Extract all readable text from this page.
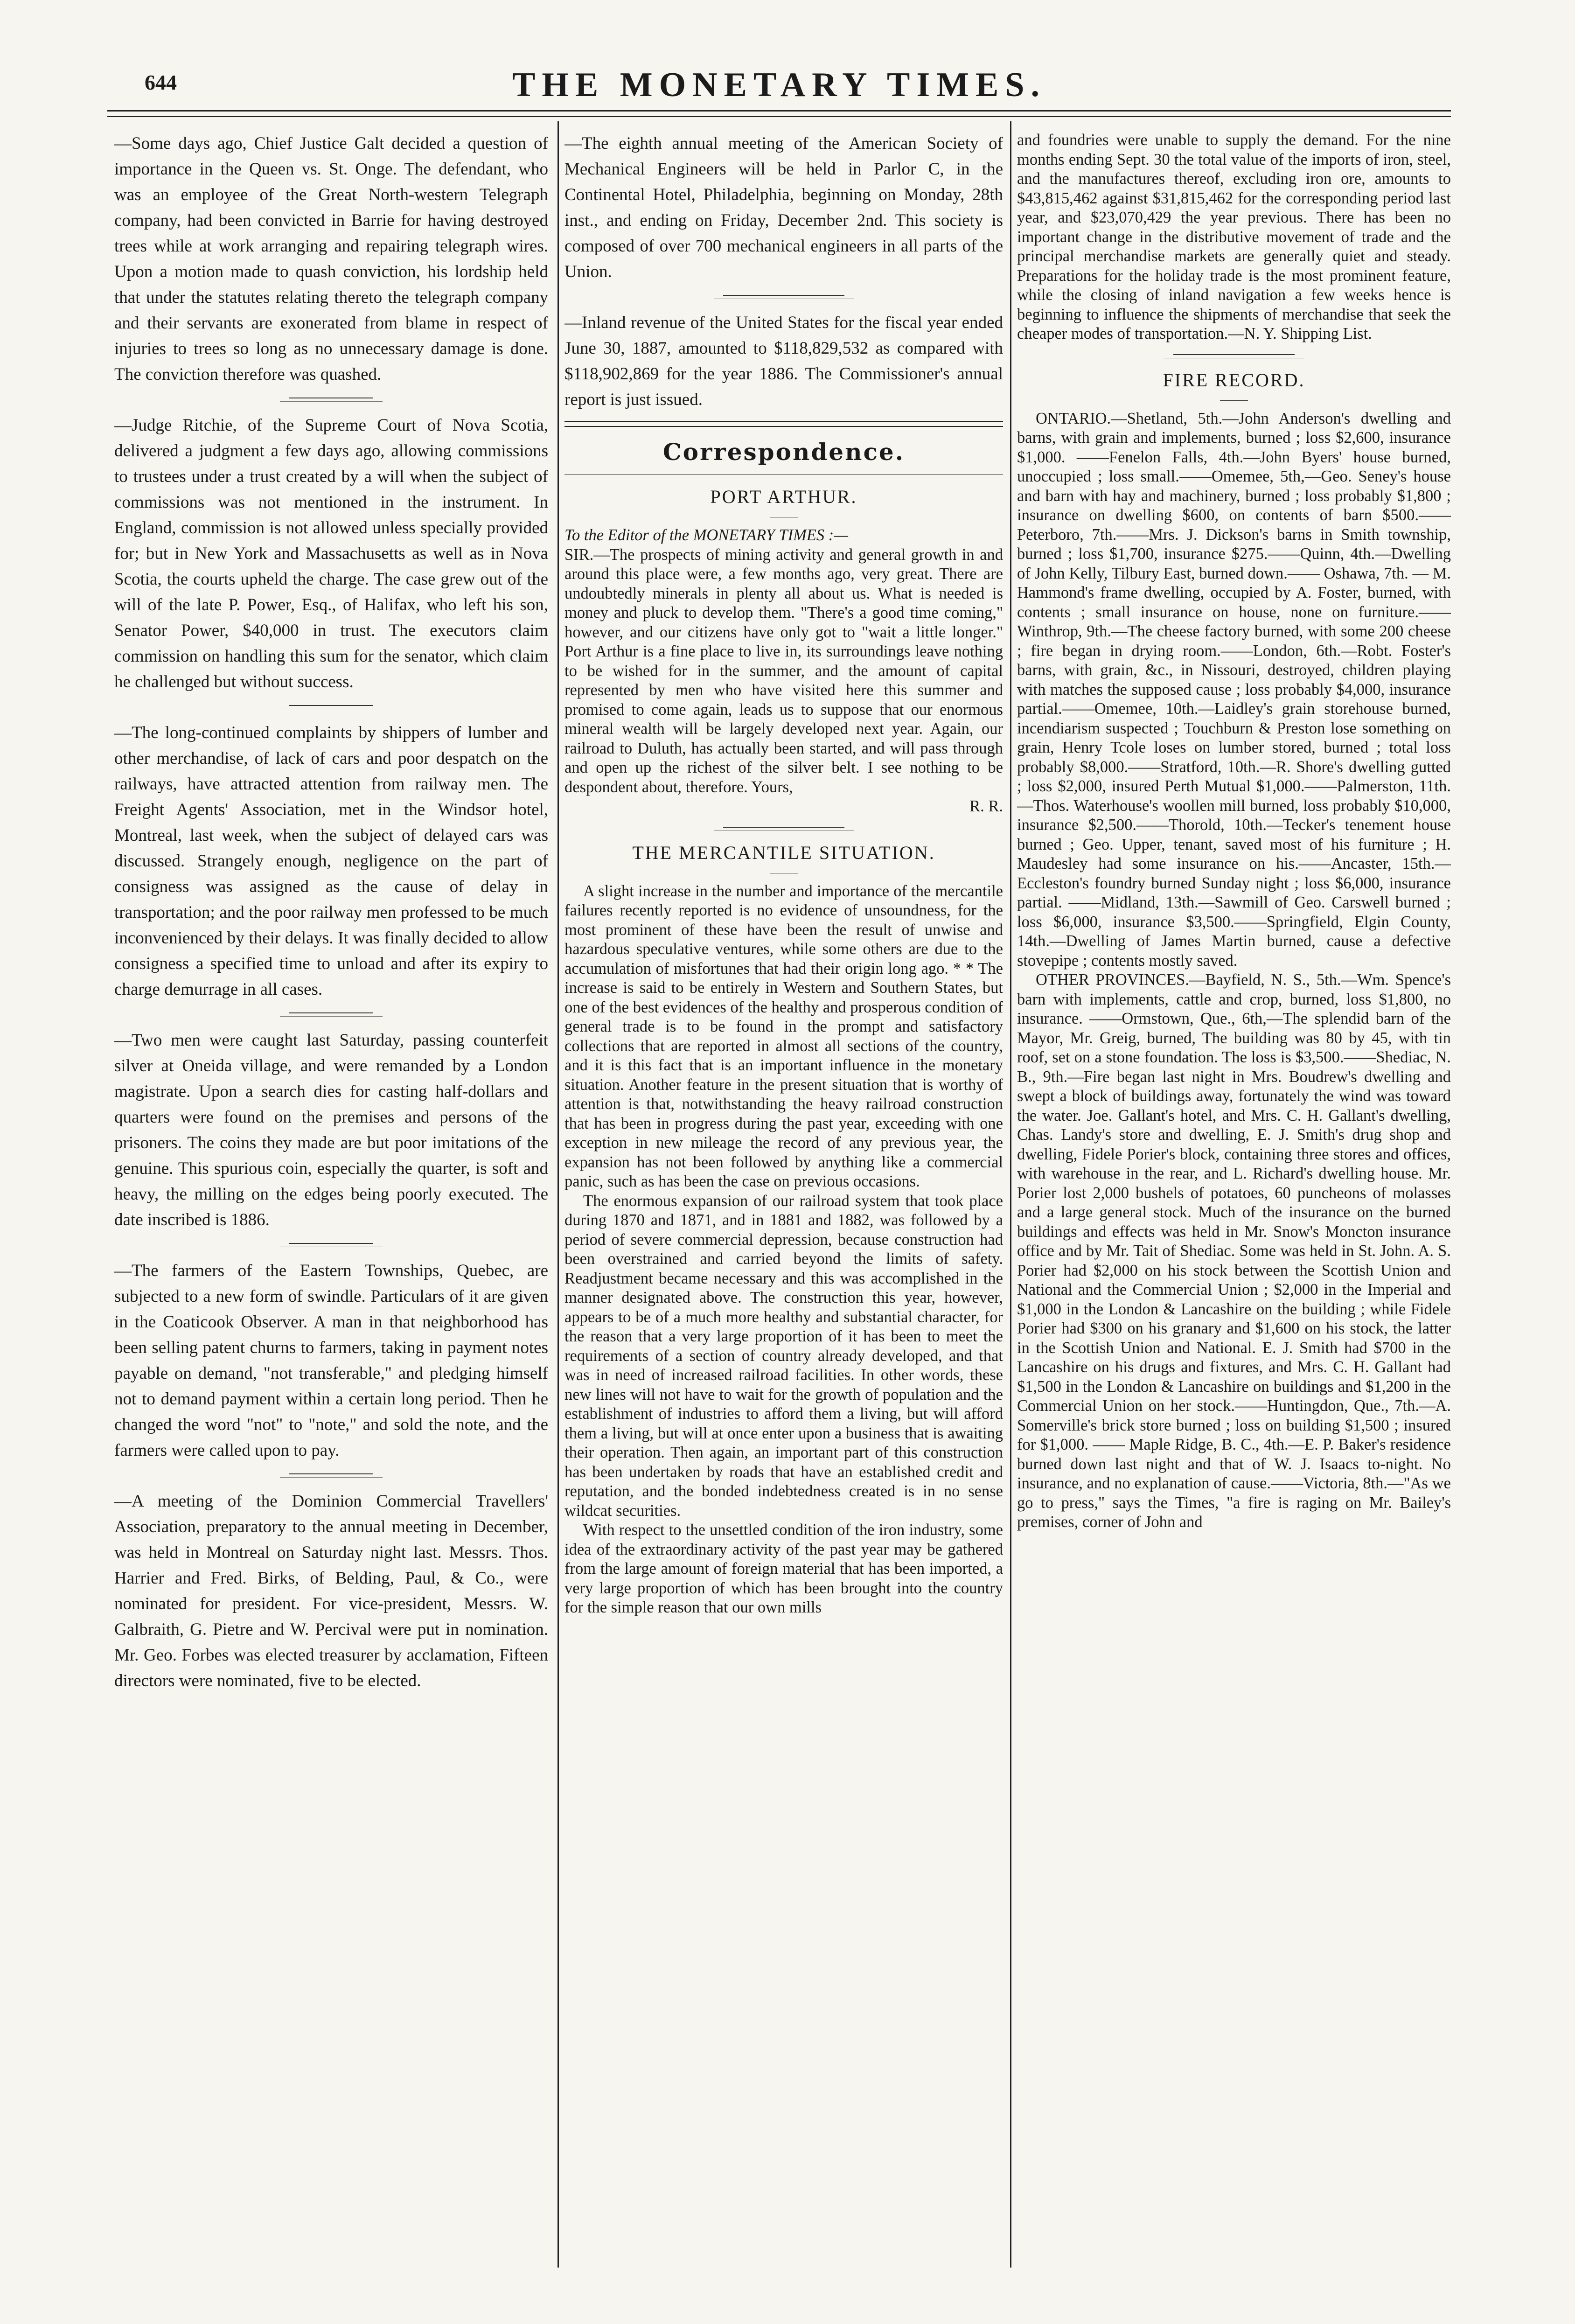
644	THE MONETARY TIMES.

—Some days ago, Chief Justice Galt decided a question of importance in the Queen vs. St. Onge. The defendant, who was an employee of the Great North-western Telegraph company, had been convicted in Barrie for having destroyed trees while at work arranging and repairing telegraph wires. Upon a motion made to quash conviction, his lordship held that under the statutes relating thereto the telegraph company and their servants are exonerated from blame in respect of injuries to trees so long as no unnecessary damage is done. The conviction therefore was quashed.

—Judge Ritchie, of the Supreme Court of Nova Scotia, delivered a judgment a few days ago, allowing commissions to trustees under a trust created by a will when the subject of commissions was not mentioned in the instrument. In England, commission is not allowed unless specially provided for; but in New York and Massachusetts as well as in Nova Scotia, the courts upheld the charge. The case grew out of the will of the late P. Power, Esq., of Halifax, who left his son, Senator Power, $40,000 in trust. The executors claim commission on handling this sum for the senator, which claim he challenged but without success.

—The long-continued complaints by shippers of lumber and other merchandise, of lack of cars and poor despatch on the railways, have attracted attention from railway men. The Freight Agents' Association, met in the Windsor hotel, Montreal, last week, when the subject of delayed cars was discussed. Strangely enough, negligence on the part of consigness was assigned as the cause of delay in transportation; and the poor railway men professed to be much inconvenienced by their delays. It was finally decided to allow consigness a specified time to unload and after its expiry to charge demurrage in all cases.

—Two men were caught last Saturday, passing counterfeit silver at Oneida village, and were remanded by a London magistrate. Upon a search dies for casting half-dollars and quarters were found on the premises and persons of the prisoners. The coins they made are but poor imitations of the genuine. This spurious coin, especially the quarter, is soft and heavy, the milling on the edges being poorly executed. The date inscribed is 1886.

—The farmers of the Eastern Townships, Quebec, are subjected to a new form of swindle. Particulars of it are given in the Coaticook Observer. A man in that neighborhood has been selling patent churns to farmers, taking in payment notes payable on demand, "not transferable," and pledging himself not to demand payment within a certain long period. Then he changed the word "not" to "note," and sold the note, and the farmers were called upon to pay.

—A meeting of the Dominion Commercial Travellers' Association, preparatory to the annual meeting in December, was held in Montreal on Saturday night last. Messrs. Thos. Harrier and Fred. Birks, of Belding, Paul, & Co., were nominated for president. For vice-president, Messrs. W. Galbraith, G. Pietre and W. Percival were put in nomination. Mr. Geo. Forbes was elected treasurer by acclamation, Fifteen directors were nominated, five to be elected.

—The eighth annual meeting of the American Society of Mechanical Engineers will be held in Parlor C, in the Continental Hotel, Philadelphia, beginning on Monday, 28th inst., and ending on Friday, December 2nd. This society is composed of over 700 mechanical engineers in all parts of the Union.

—Inland revenue of the United States for the fiscal year ended June 30, 1887, amounted to $118,829,532 as compared with $118,902,869 for the year 1886. The Commissioner's annual report is just issued.

Correspondence.
PORT ARTHUR.

To the Editor of the MONETARY TIMES :—

SIR.—The prospects of mining activity and general growth in and around this place were, a few months ago, very great. There are undoubtedly minerals in plenty all about us. What is needed is money and pluck to develop them. "There's a good time coming," however, and our citizens have only got to "wait a little longer." Port Arthur is a fine place to live in, its surroundings leave nothing to be wished for in the summer, and the amount of capital represented by men who have visited here this summer and promised to come again, leads us to suppose that our enormous mineral wealth will be largely developed next year. Again, our railroad to Duluth, has actually been started, and will pass through and open up the richest of the silver belt. I see nothing to be despondent about, therefore. Yours,

R. R.

THE MERCANTILE SITUATION.

A slight increase in the number and importance of the mercantile failures recently reported is no evidence of unsoundness, for the most prominent of these have been the result of unwise and hazardous speculative ventures, while some others are due to the accumulation of misfortunes that had their origin long ago. * * The increase is said to be entirely in Western and Southern States, but one of the best evidences of the healthy and prosperous condition of general trade is to be found in the prompt and satisfactory collections that are reported in almost all sections of the country, and it is this fact that is an important influence in the monetary situation. Another feature in the present situation that is worthy of attention is that, notwithstanding the heavy railroad construction that has been in progress during the past year, exceeding with one exception in new mileage the record of any previous year, the expansion has not been followed by anything like a commercial panic, such as has been the case on previous occasions.

The enormous expansion of our railroad system that took place during 1870 and 1871, and in 1881 and 1882, was followed by a period of severe commercial depression, because construction had been overstrained and carried beyond the limits of safety. Readjustment became necessary and this was accomplished in the manner designated above. The construction this year, however, appears to be of a much more healthy and substantial character, for the reason that a very large proportion of it has been to meet the requirements of a section of country already developed, and that was in need of increased railroad facilities. In other words, these new lines will not have to wait for the growth of population and the establishment of industries to afford them a living, but will afford them a living, but will at once enter upon a business that is awaiting their operation. Then again, an important part of this construction has been undertaken by roads that have an established credit and reputation, and the bonded indebtedness created is in no sense wildcat securities.

With respect to the unsettled condition of the iron industry, some idea of the extraordinary activity of the past year may be gathered from the large amount of foreign material that has been imported, a very large proportion of which has been brought into the country for the simple reason that our own mills

and foundries were unable to supply the demand. For the nine months ending Sept. 30 the total value of the imports of iron, steel, and the manufactures thereof, excluding iron ore, amounts to $43,815,462 against $31,815,462 for the corresponding period last year, and $23,070,429 the year previous. There has been no important change in the distributive movement of trade and the principal merchandise markets are generally quiet and steady. Preparations for the holiday trade is the most prominent feature, while the closing of inland navigation a few weeks hence is beginning to influence the shipments of merchandise that seek the cheaper modes of transportation.—N. Y. Shipping List.

FIRE RECORD.

ONTARIO.—Shetland, 5th.—John Anderson's dwelling and barns, with grain and implements, burned ; loss $2,600, insurance $1,000. ——Fenelon Falls, 4th.—John Byers' house burned, unoccupied ; loss small.——Omemee, 5th,—Geo. Seney's house and barn with hay and machinery, burned ; loss probably $1,800 ; insurance on dwelling $600, on contents of barn $500.——Peterboro, 7th.——Mrs. J. Dickson's barns in Smith township, burned ; loss $1,700, insurance $275.——Quinn, 4th.—Dwelling of John Kelly, Tilbury East, burned down.—— Oshawa, 7th. — M. Hammond's frame dwelling, occupied by A. Foster, burned, with contents ; small insurance on house, none on furniture.——Winthrop, 9th.—The cheese factory burned, with some 200 cheese ; fire began in drying room.——London, 6th.—Robt. Foster's barns, with grain, &c., in Nissouri, destroyed, children playing with matches the supposed cause ; loss probably $4,000, insurance partial.——Omemee, 10th.—Laidley's grain storehouse burned, incendiarism suspected ; Touchburn & Preston lose something on grain, Henry Tcole loses on lumber stored, burned ; total loss probably $8,000.——Stratford, 10th.—R. Shore's dwelling gutted ; loss $2,000, insured Perth Mutual $1,000.——Palmerston, 11th.—Thos. Waterhouse's woollen mill burned, loss probably $10,000, insurance $2,500.——Thorold, 10th.—Tecker's tenement house burned ; Geo. Upper, tenant, saved most of his furniture ; H. Maudesley had some insurance on his.——Ancaster, 15th.—Eccleston's foundry burned Sunday night ; loss $6,000, insurance partial. ——Midland, 13th.—Sawmill of Geo. Carswell burned ; loss $6,000, insurance $3,500.——Springfield, Elgin County, 14th.—Dwelling of James Martin burned, cause a defective stovepipe ; contents mostly saved.

OTHER PROVINCES.—Bayfield, N. S., 5th.—Wm. Spence's barn with implements, cattle and crop, burned, loss $1,800, no insurance. ——Ormstown, Que., 6th,—The splendid barn of the Mayor, Mr. Greig, burned, The building was 80 by 45, with tin roof, set on a stone foundation. The loss is $3,500.——Shediac, N. B., 9th.—Fire began last night in Mrs. Boudrew's dwelling and swept a block of buildings away, fortunately the wind was toward the water. Joe. Gallant's hotel, and Mrs. C. H. Gallant's dwelling, Chas. Landy's store and dwelling, E. J. Smith's drug shop and dwelling, Fidele Porier's block, containing three stores and offices, with warehouse in the rear, and L. Richard's dwelling house. Mr. Porier lost 2,000 bushels of potatoes, 60 puncheons of molasses and a large general stock. Much of the insurance on the burned buildings and effects was held in Mr. Snow's Moncton insurance office and by Mr. Tait of Shediac. Some was held in St. John. A. S. Porier had $2,000 on his stock between the Scottish Union and National and the Commercial Union ; $2,000 in the Imperial and $1,000 in the London & Lancashire on the building ; while Fidele Porier had $300 on his granary and $1,600 on his stock, the latter in the Scottish Union and National. E. J. Smith had $700 in the Lancashire on his drugs and fixtures, and Mrs. C. H. Gallant had $1,500 in the London & Lancashire on buildings and $1,200 in the Commercial Union on her stock.——Huntingdon, Que., 7th.—A. Somerville's brick store burned ; loss on building $1,500 ; insured for $1,000. —— Maple Ridge, B. C., 4th.—E. P. Baker's residence burned down last night and that of W. J. Isaacs to-night. No insurance, and no explanation of cause.——Victoria, 8th.—"As we go to press," says the Times, "a fire is raging on Mr. Bailey's premises, corner of John and
